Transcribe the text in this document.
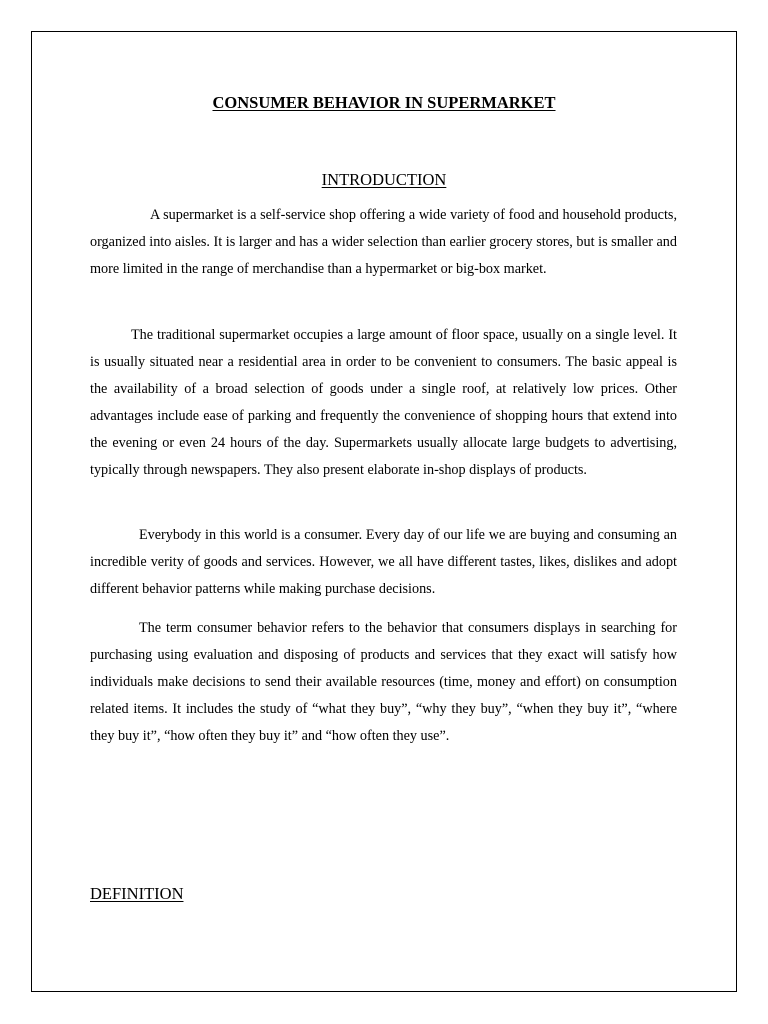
CONSUMER BEHAVIOR IN SUPERMARKET
INTRODUCTION

A supermarket is a self-service shop offering a wide variety of food and household products, organized into aisles. It is larger and has a wider selection than earlier grocery stores, but is smaller and more limited in the range of merchandise than a hypermarket or big-box market.

The traditional supermarket occupies a large amount of floor space, usually on a single level. It is usually situated near a residential area in order to be convenient to consumers. The basic appeal is the availability of a broad selection of goods under a single roof, at relatively low prices. Other advantages include ease of parking and frequently the convenience of shopping hours that extend into the evening or even 24 hours of the day. Supermarkets usually allocate large budgets to advertising, typically through newspapers. They also present elaborate in-shop displays of products.

Everybody in this world is a consumer. Every day of our life we are buying and consuming an incredible verity of goods and services. However, we all have different tastes, likes, dislikes and adopt different behavior patterns while making purchase decisions.

The term consumer behavior refers to the behavior that consumers displays in searching for purchasing using evaluation and disposing of products and services that they exact will satisfy how individuals make decisions to send their available resources (time, money and effort) on consumption related items. It includes the study of “what they buy”, “why they buy”, “when they buy it”, “where they buy it”, “how often they buy it” and “how often they use”.

DEFINITION
